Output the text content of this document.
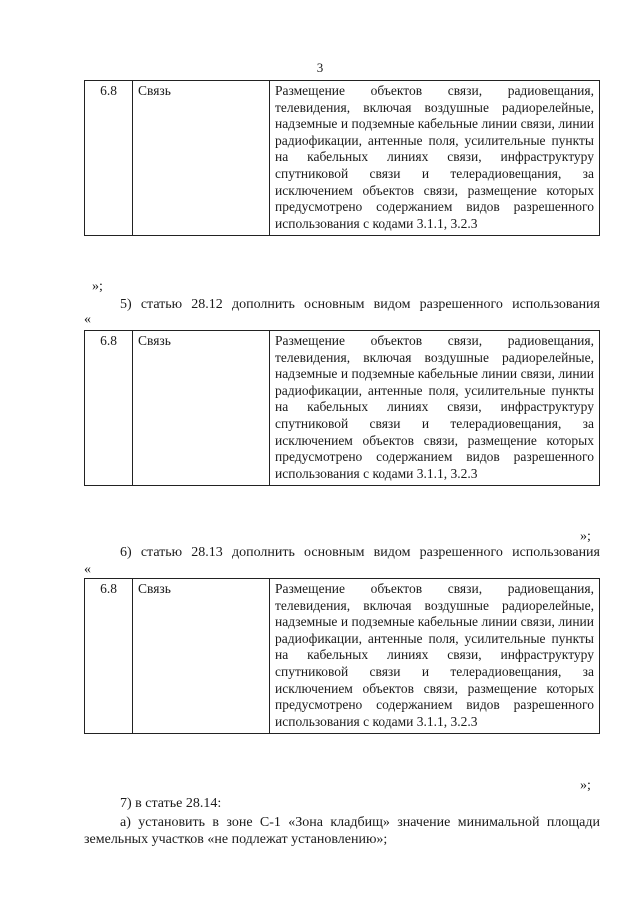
3
6.8	Связь	Размещение объектов связи, радиовещания, телевидения, включая воздушные радиорелейные, надземные и подземные кабельные линии связи, линии радиофикации, антенные поля, усилительные пункты на кабельных линиях связи, инфраструктуру спутниковой связи и телерадиовещания, за исключением объектов связи, размещение которых предусмотрено содержанием видов разрешенного использования с кодами 3.1.1, 3.2.3
»;
5) статью 28.12 дополнить основным видом разрешенного использования
«
6.8	Связь	Размещение объектов связи, радиовещания, телевидения, включая воздушные радиорелейные, надземные и подземные кабельные линии связи, линии радиофикации, антенные поля, усилительные пункты на кабельных линиях связи, инфраструктуру спутниковой связи и телерадиовещания, за исключением объектов связи, размещение которых предусмотрено содержанием видов разрешенного использования с кодами 3.1.1, 3.2.3
»;
6) статью 28.13 дополнить основным видом разрешенного использования
«
6.8	Связь	Размещение объектов связи, радиовещания, телевидения, включая воздушные радиорелейные, надземные и подземные кабельные линии связи, линии радиофикации, антенные поля, усилительные пункты на кабельных линиях связи, инфраструктуру спутниковой связи и телерадиовещания, за исключением объектов связи, размещение которых предусмотрено содержанием видов разрешенного использования с кодами 3.1.1, 3.2.3
»;
7) в статье 28.14:
а) установить в зоне С-1 «Зона кладбищ» значение минимальной площади земельных участков «не подлежат установлению»;
